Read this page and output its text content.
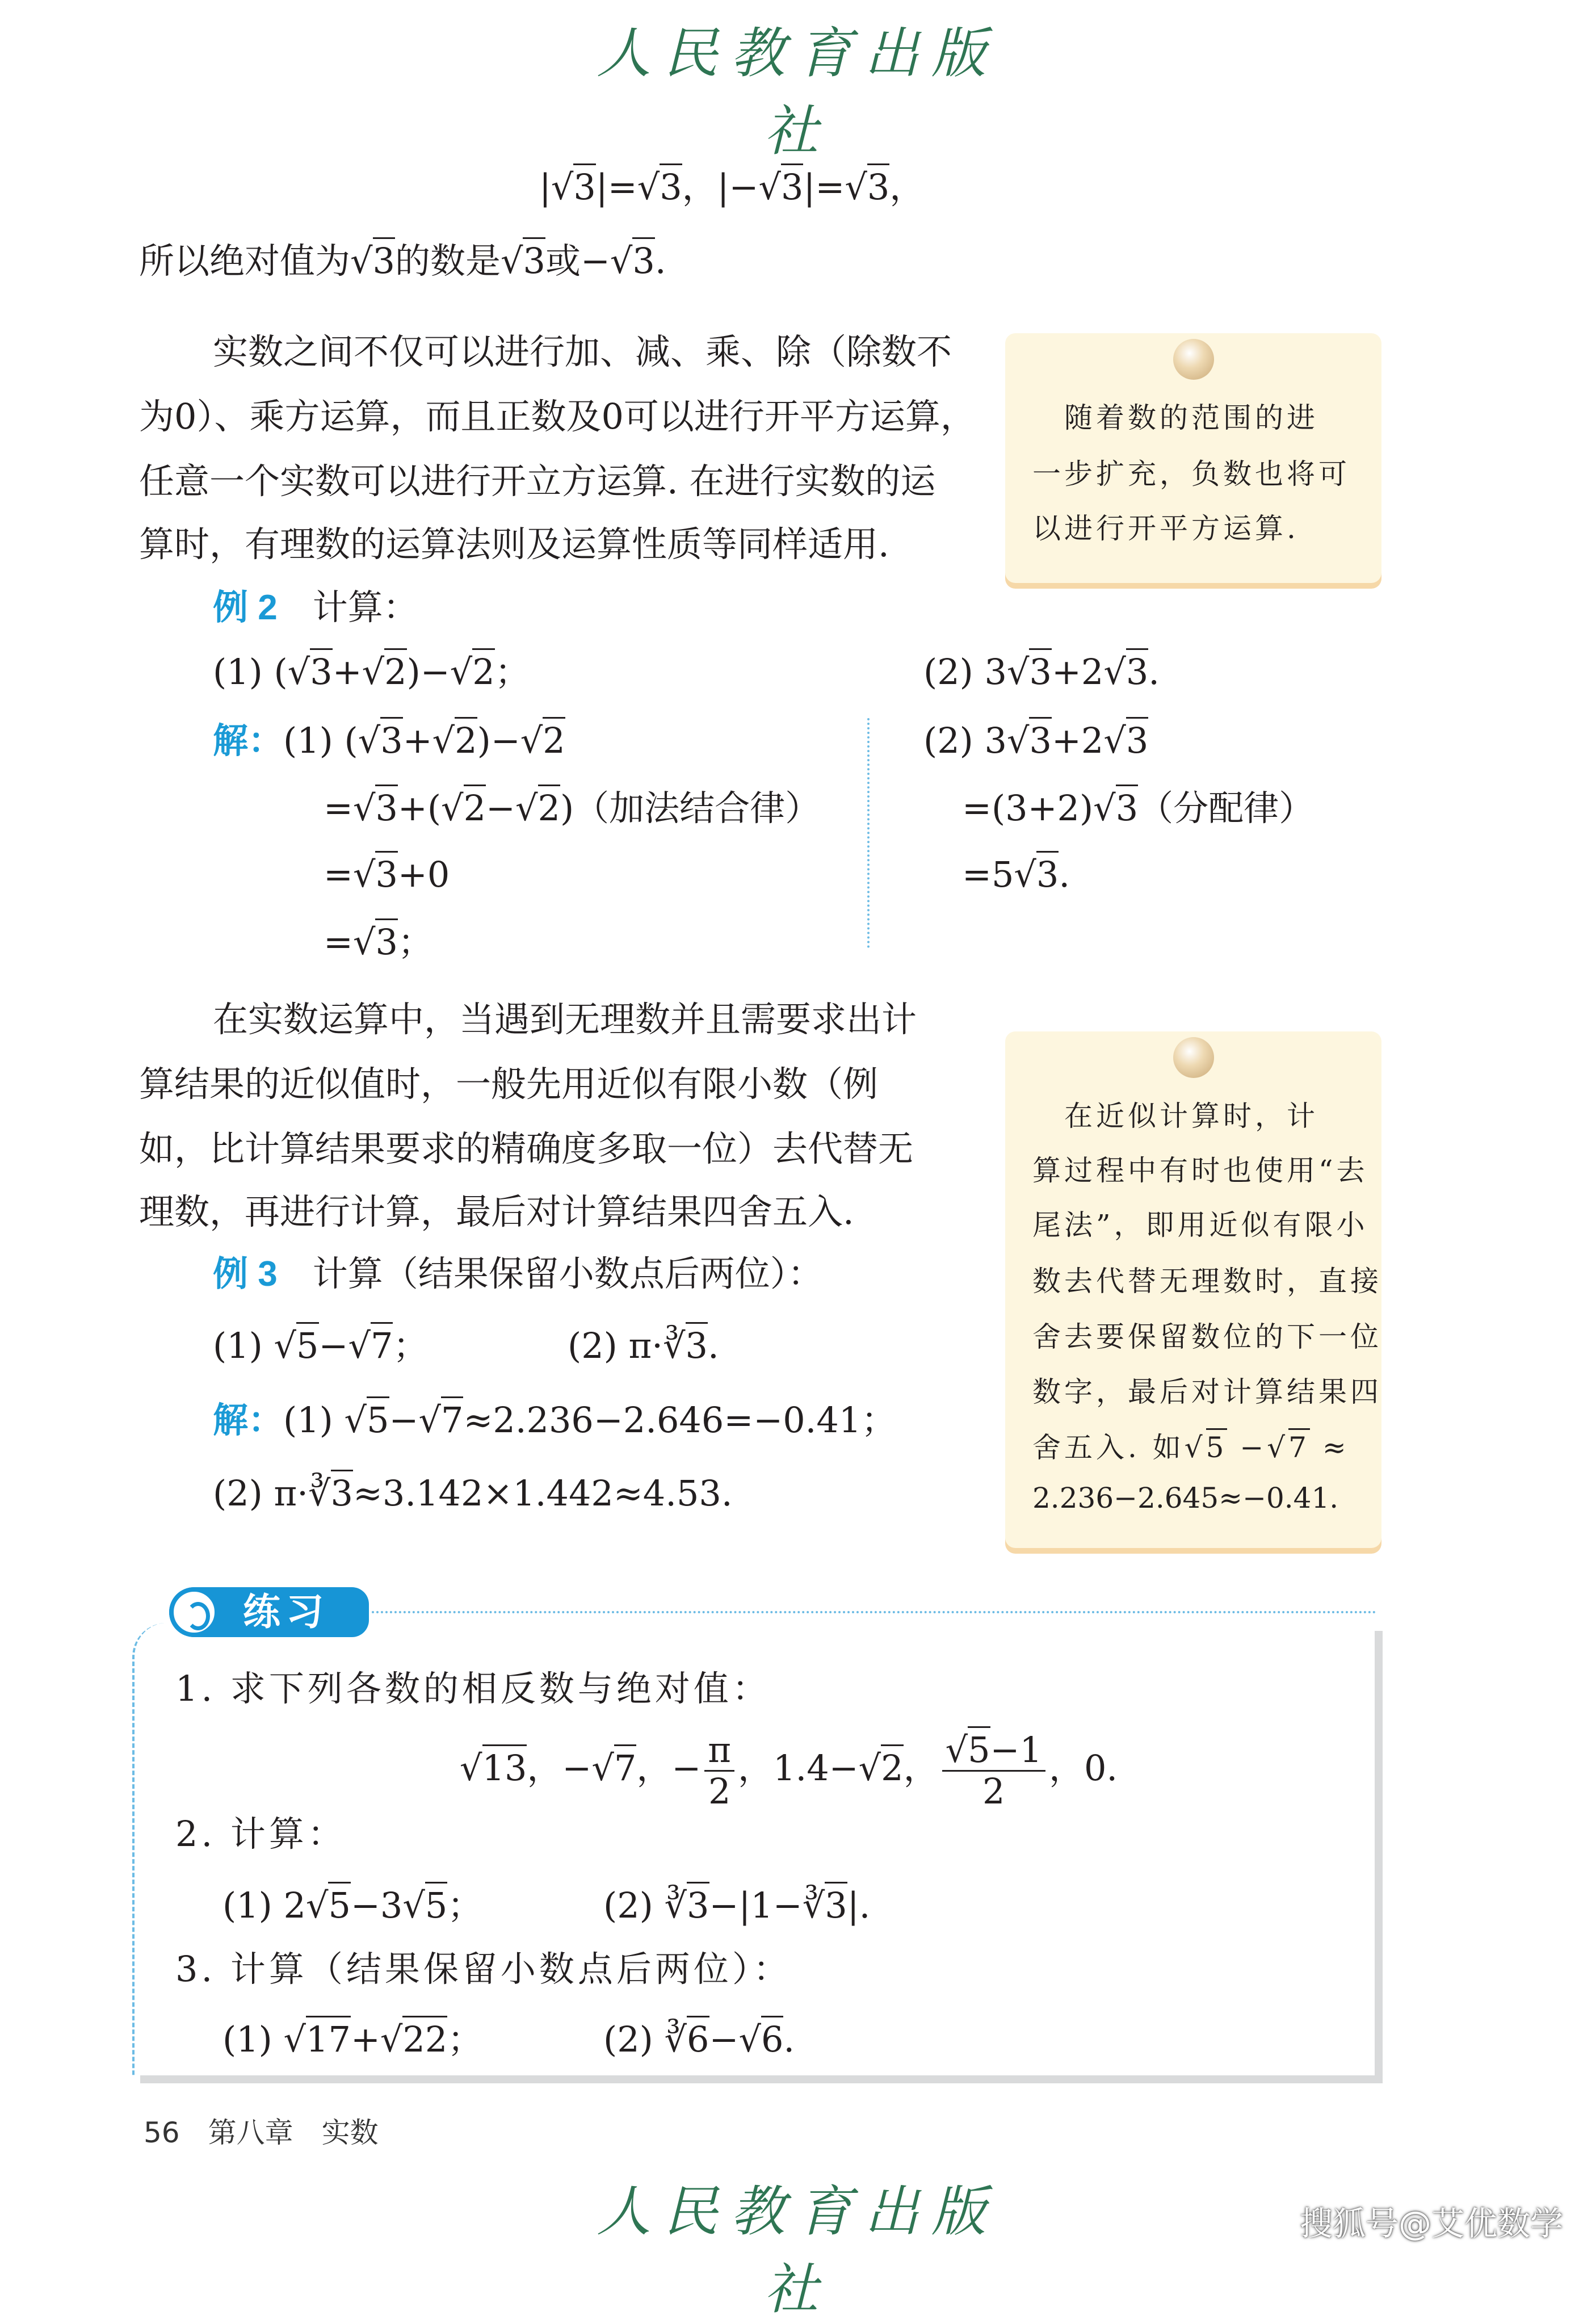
人民教育出版社
|√3|=√3，|−√3|=√3，
所以绝对值为√3的数是√3或−√3.
实数之间不仅可以进行加、减、乘、除（除数不
为0）、乘方运算，而且正数及0可以进行开平方运算，
任意一个实数可以进行开立方运算. 在进行实数的运
算时，有理数的运算法则及运算性质等同样适用.
　随着数的范围的进
一步扩充，负数也将可
以进行开平方运算.
例 2　 计算：
(1) (√3+√2)−√2；	(2) 3√3+2√3.
解：(1) (√3+√2)−√2
=√3+(√2−√2)（加法结合律）
=√3+0
=√3；
(2) 3√3+2√3
=(3+2)√3（分配律）
=5√3.
在实数运算中，当遇到无理数并且需要求出计
算结果的近似值时，一般先用近似有限小数（例
如，比计算结果要求的精确度多取一位）去代替无
理数，再进行计算，最后对计算结果四舍五入.
　在近似计算时，计
算过程中有时也使用“去
尾法”，即用近似有限小
数去代替无理数时，直接
舍去要保留数位的下一位
数字，最后对计算结果四
舍五入. 如√5 −√7 ≈
2.236−2.645≈−0.41.
例 3　 计算（结果保留小数点后两位）：
(1) √5−√7；	(2) π·∛3.
解：(1) √5−√7≈2.236−2.646=−0.41；
(2) π·∛3≈3.142×1.442≈4.53.
练习
1. 求下列各数的相反数与绝对值：
√13，−√7，− $\frac{\pi}{2}$ ，1.4−√2， $\frac{√5-1}{2}$ ，0.
2. 计算：
(1) 2√5−3√5；	(2) ∛3−|1−∛3|.
3. 计算（结果保留小数点后两位）：
(1) √17+√22；	(2) ∛6−√6.
56　 第八章　实数
人民教育出版社
搜狐号@艾优数学
